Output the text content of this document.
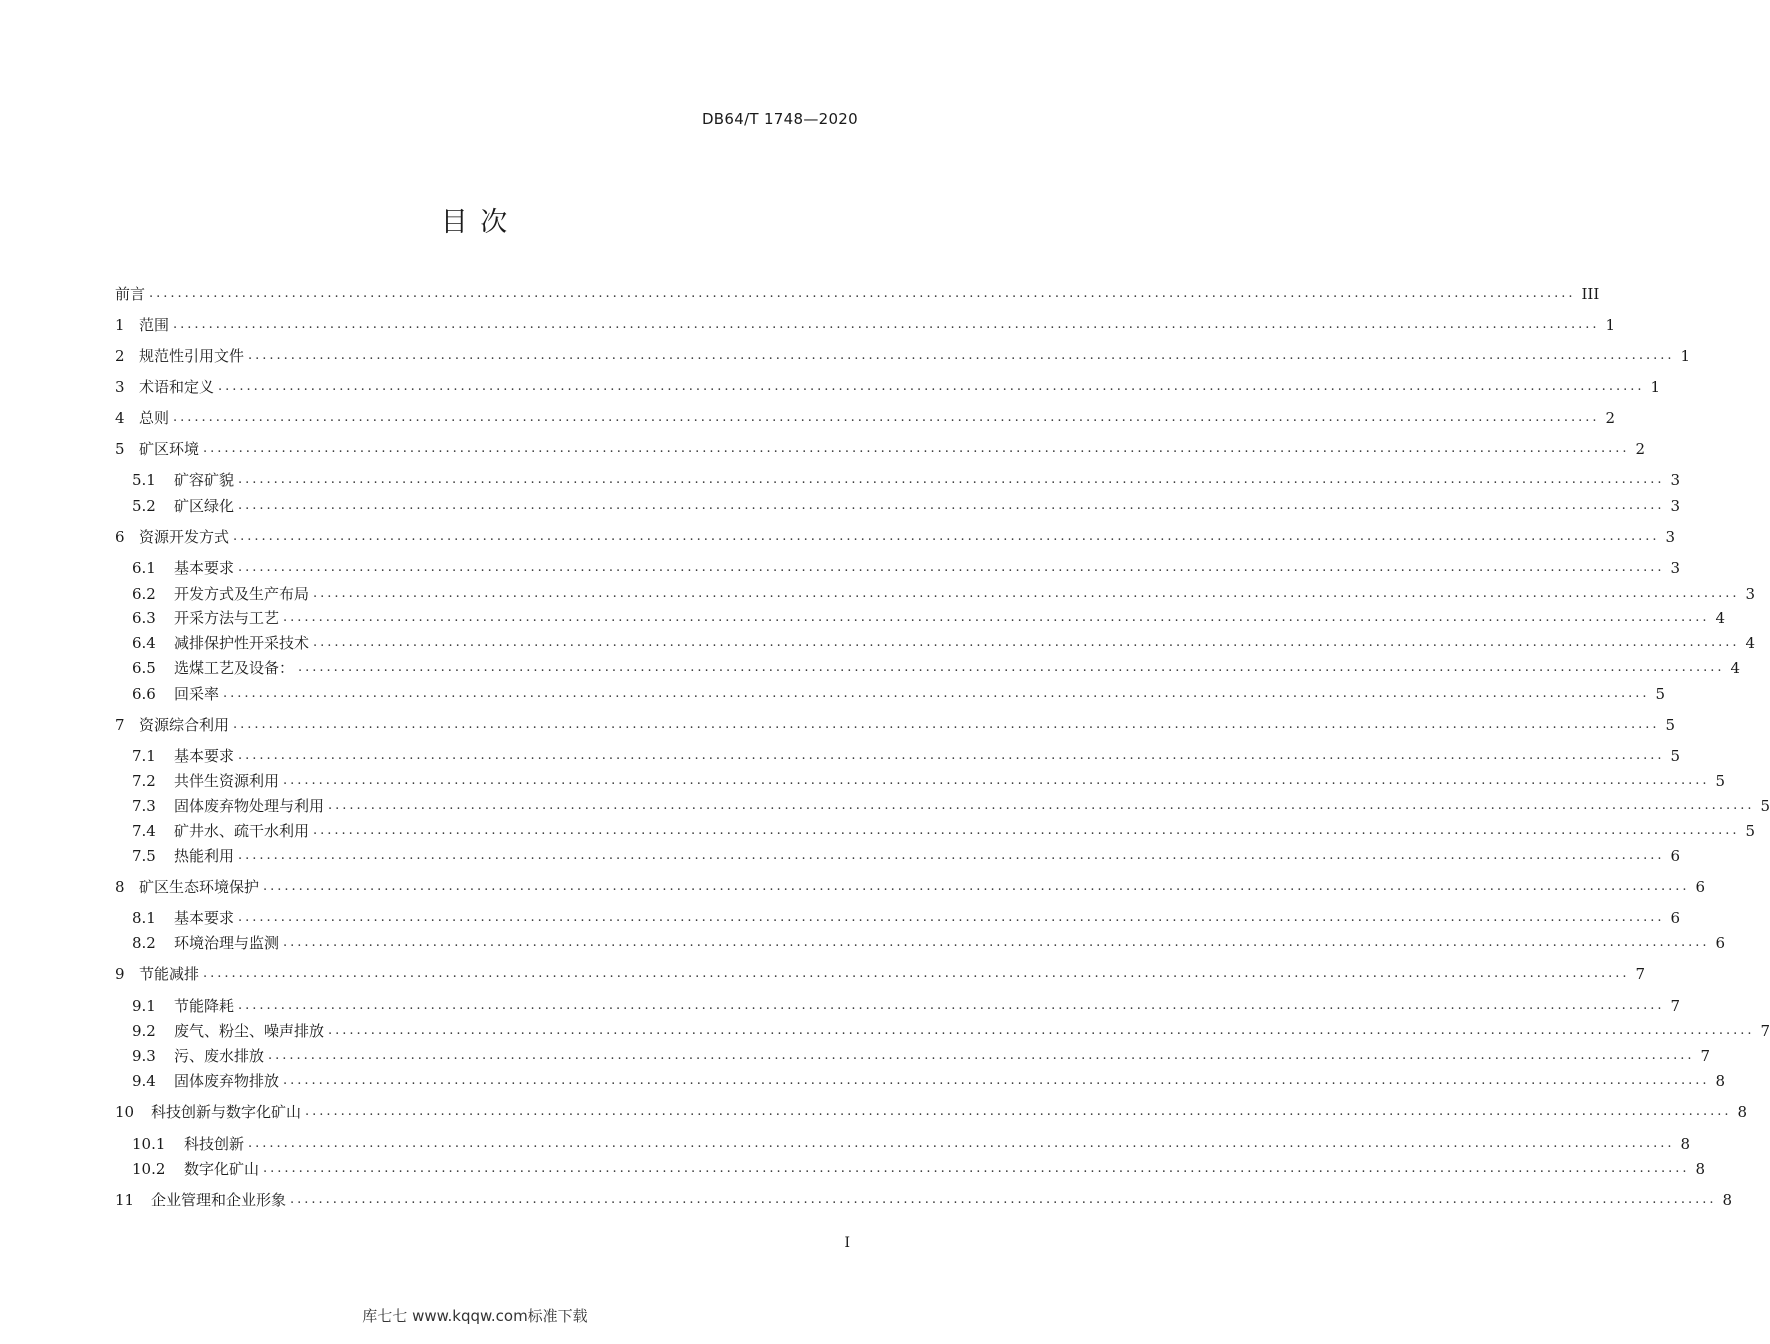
DB64/T 1748—2020
目 次
前言 ........................................................................................................................................................................................................ III
1 范围 ........................................................................................................................................................................................................ 1
2 规范性引用文件 ........................................................................................................................................................................................................ 1
3 术语和定义 ........................................................................................................................................................................................................ 1
4 总则 ........................................................................................................................................................................................................ 2
5 矿区环境 ........................................................................................................................................................................................................ 2
5.1	矿容矿貌 ........................................................................................................................................................................................................ 3
5.2	矿区绿化 ........................................................................................................................................................................................................ 3
6 资源开发方式 ........................................................................................................................................................................................................ 3
6.1	基本要求 ........................................................................................................................................................................................................ 3
6.2	开发方式及生产布局 ........................................................................................................................................................................................................ 3
6.3	开采方法与工艺 ........................................................................................................................................................................................................ 4
6.4	减排保护性开采技术 ........................................................................................................................................................................................................ 4
6.5	选煤工艺及设备： ........................................................................................................................................................................................................ 4
6.6	回采率 ........................................................................................................................................................................................................ 5
7 资源综合利用 ........................................................................................................................................................................................................ 5
7.1	基本要求 ........................................................................................................................................................................................................ 5
7.2	共伴生资源利用 ........................................................................................................................................................................................................ 5
7.3	固体废弃物处理与利用 ........................................................................................................................................................................................................ 5
7.4	矿井水、疏干水利用 ........................................................................................................................................................................................................ 5
7.5	热能利用 ........................................................................................................................................................................................................ 6
8 矿区生态环境保护 ........................................................................................................................................................................................................ 6
8.1	基本要求 ........................................................................................................................................................................................................ 6
8.2	环境治理与监测 ........................................................................................................................................................................................................ 6
9 节能减排 ........................................................................................................................................................................................................ 7
9.1	节能降耗 ........................................................................................................................................................................................................ 7
9.2	废气、粉尘、噪声排放 ........................................................................................................................................................................................................ 7
9.3	污、废水排放 ........................................................................................................................................................................................................ 7
9.4	固体废弃物排放 ........................................................................................................................................................................................................ 8
10	科技创新与数字化矿山 ........................................................................................................................................................................................................ 8
10.1	科技创新 ........................................................................................................................................................................................................ 8
10.2	数字化矿山 ........................................................................................................................................................................................................ 8
11	企业管理和企业形象 ........................................................................................................................................................................................................ 8
I
库七七 www.kqqw.com标准下载
